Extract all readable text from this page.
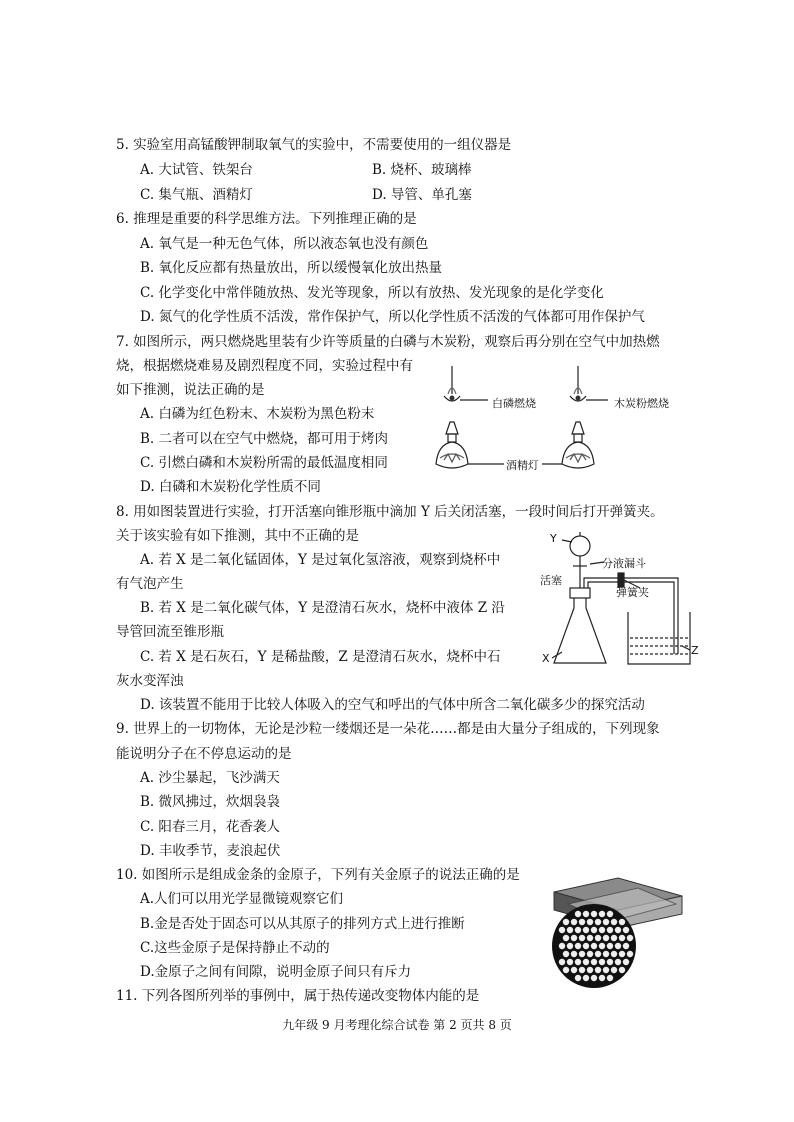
5. 实验室用高锰酸钾制取氧气的实验中，不需要使用的一组仪器是
A. 大试管、铁架台	B. 烧杯、玻璃棒
C. 集气瓶、酒精灯	D. 导管、单孔塞
6. 推理是重要的科学思维方法。下列推理正确的是
A. 氧气是一种无色气体，所以液态氧也没有颜色
B. 氧化反应都有热量放出，所以缓慢氧化放出热量
C. 化学变化中常伴随放热、发光等现象，所以有放热、发光现象的是化学变化
D. 氮气的化学性质不活泼，常作保护气，所以化学性质不活泼的气体都可用作保护气
7. 如图所示，两只燃烧匙里装有少许等质量的白磷与木炭粉，观察后再分别在空气中加热燃
烧，根据燃烧难易及剧烈程度不同，实验过程中有
如下推测，说法正确的是
A. 白磷为红色粉末、木炭粉为黑色粉末
B. 二者可以在空气中燃烧，都可用于烤肉
C. 引燃白磷和木炭粉所需的最低温度相同
D. 白磷和木炭粉化学性质不同
白磷燃烧	木炭粉燃烧
酒精灯
8. 用如图装置进行实验，打开活塞向锥形瓶中滴加 Y 后关闭活塞，一段时间后打开弹簧夹。
关于该实验有如下推测，其中不正确的是
A. 若 X 是二氧化锰固体，Y 是过氧化氢溶液，观察到烧杯中
有气泡产生
B. 若 X 是二氧化碳气体，Y 是澄清石灰水，烧杯中液体 Z 沿
导管回流至锥形瓶
C. 若 X 是石灰石，Y 是稀盐酸，Z 是澄清石灰水，烧杯中石
灰水变浑浊
D. 该装置不能用于比较人体吸入的空气和呼出的气体中所含二氧化碳多少的探究活动
Y
分液漏斗
活塞
弹簧夹
X
Z
9. 世界上的一切物体，无论是沙粒一缕烟还是一朵花……都是由大量分子组成的，下列现象
能说明分子在不停息运动的是
A. 沙尘暴起，飞沙满天
B. 微风拂过，炊烟袅袅
C. 阳春三月，花香袭人
D. 丰收季节，麦浪起伏
10. 如图所示是组成金条的金原子，下列有关金原子的说法正确的是
A.人们可以用光学显微镜观察它们
B.金是否处于固态可以从其原子的排列方式上进行推断
C.这些金原子是保持静止不动的
D.金原子之间有间隙，说明金原子间只有斥力
11. 下列各图所列举的事例中，属于热传递改变物体内能的是
九年级 9 月考理化综合试卷 第 2 页共 8 页
